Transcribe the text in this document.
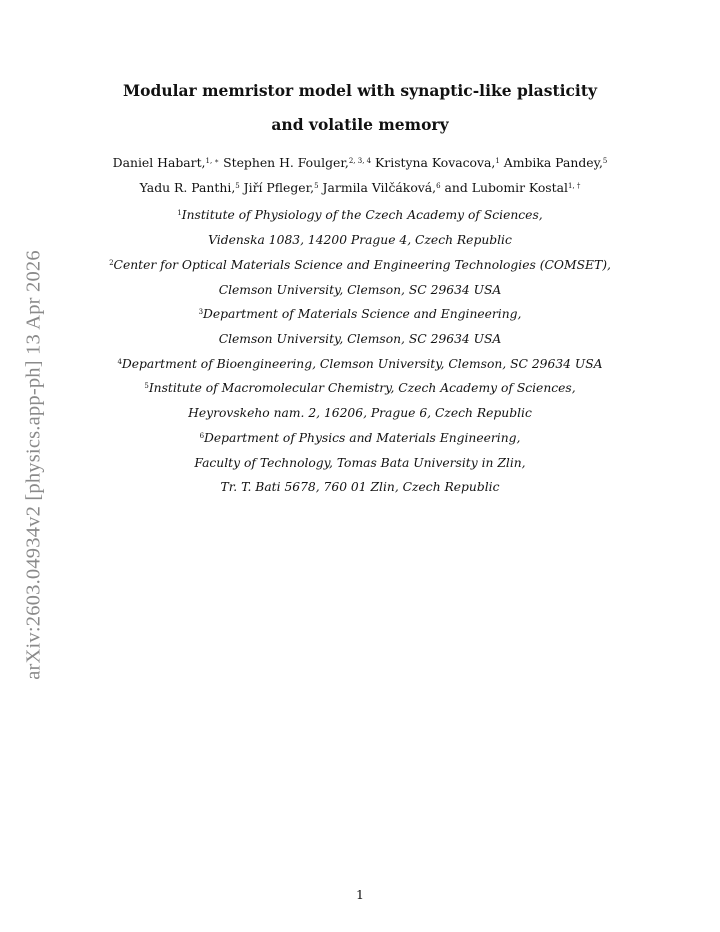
arXiv:2603.04934v2 [physics.app-ph] 13 Apr 2026
Modular memristor model with synaptic-like plasticity
and volatile memory
Daniel Habart,$^{1, ∗}$ Stephen H. Foulger,$^{2, 3, 4}$ Kristyna Kovacova,$^1$ Ambika Pandey,$^5$
Yadu R. Panthi,$^5$ Jiří Pfleger,$^5$ Jarmila Vilčáková,$^6$ and Lubomir Kostal$^{1, \dagger}$
$^1$Institute of Physiology of the Czech Academy of Sciences,
Videnska 1083, 14200 Prague 4, Czech Republic
$^2$Center for Optical Materials Science and Engineering Technologies (COMSET),
Clemson University, Clemson, SC 29634 USA
$^3$Department of Materials Science and Engineering,
Clemson University, Clemson, SC 29634 USA
$^4$Department of Bioengineering, Clemson University, Clemson, SC 29634 USA
$^5$Institute of Macromolecular Chemistry, Czech Academy of Sciences,
Heyrovskeho nam. 2, 16206, Prague 6, Czech Republic
$^6$Department of Physics and Materials Engineering,
Faculty of Technology, Tomas Bata University in Zlin,
Tr. T. Bati 5678, 760 01 Zlin, Czech Republic
1
